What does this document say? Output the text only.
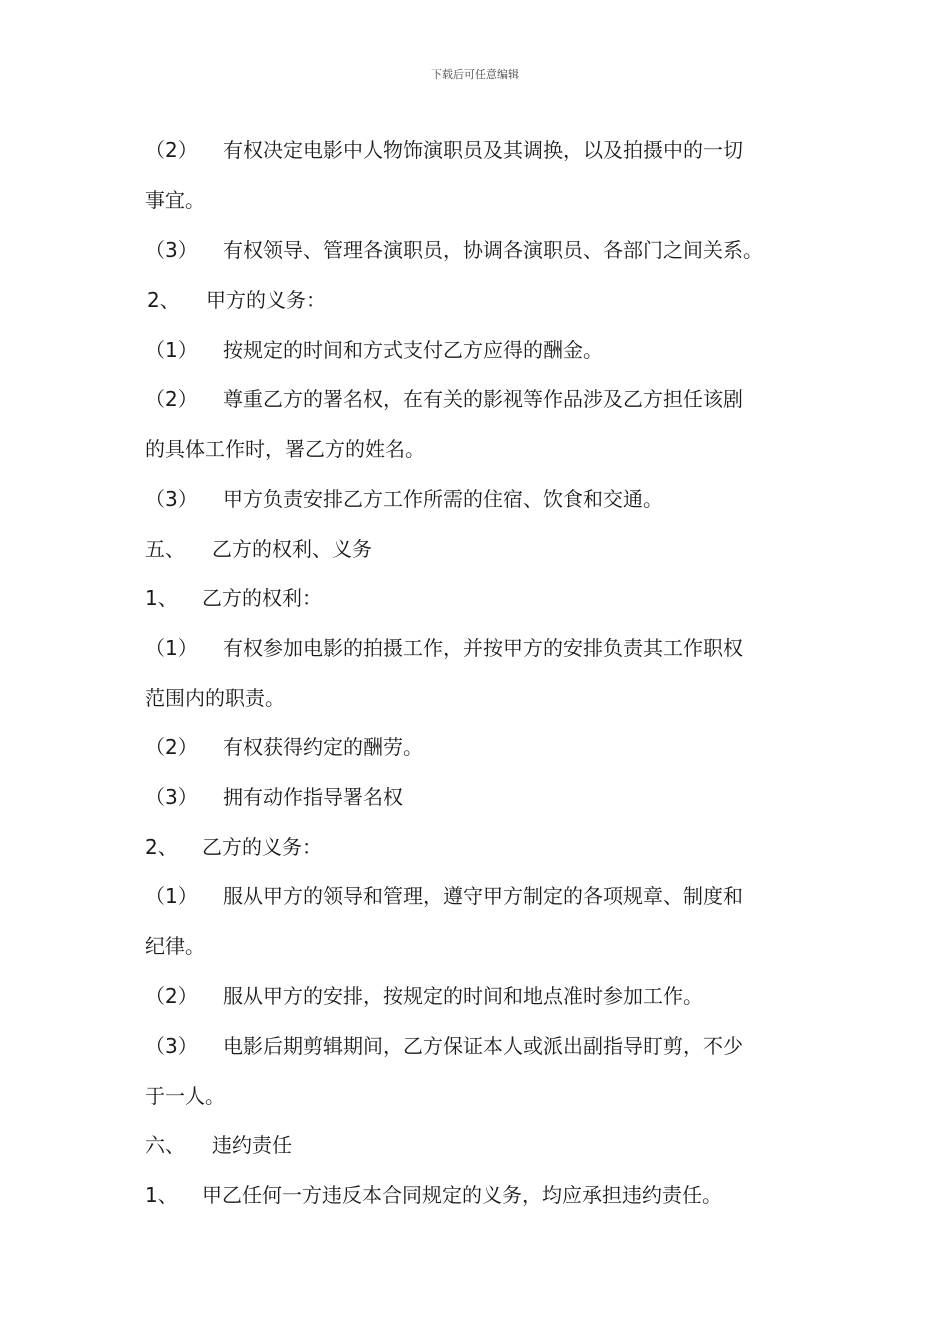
下载后可任意编辑
（2） 有权决定电影中人物饰演职员及其调换，以及拍摄中的一切
事宜。
（3） 有权领导、管理各演职员，协调各演职员、各部门之间关系。
2、 甲方的义务：
（1） 按规定的时间和方式支付乙方应得的酬金。
（2） 尊重乙方的署名权，在有关的影视等作品涉及乙方担任该剧
的具体工作时，署乙方的姓名。
（3） 甲方负责安排乙方工作所需的住宿、饮食和交通。
五、 乙方的权利、义务
1、 乙方的权利：
（1） 有权参加电影的拍摄工作，并按甲方的安排负责其工作职权
范围内的职责。
（2） 有权获得约定的酬劳。
（3） 拥有动作指导署名权
2、 乙方的义务：
（1） 服从甲方的领导和管理，遵守甲方制定的各项规章、制度和
纪律。
（2） 服从甲方的安排，按规定的时间和地点准时参加工作。
（3） 电影后期剪辑期间，乙方保证本人或派出副指导盯剪，不少
于一人。
六、 违约责任
1、 甲乙任何一方违反本合同规定的义务，均应承担违约责任。
